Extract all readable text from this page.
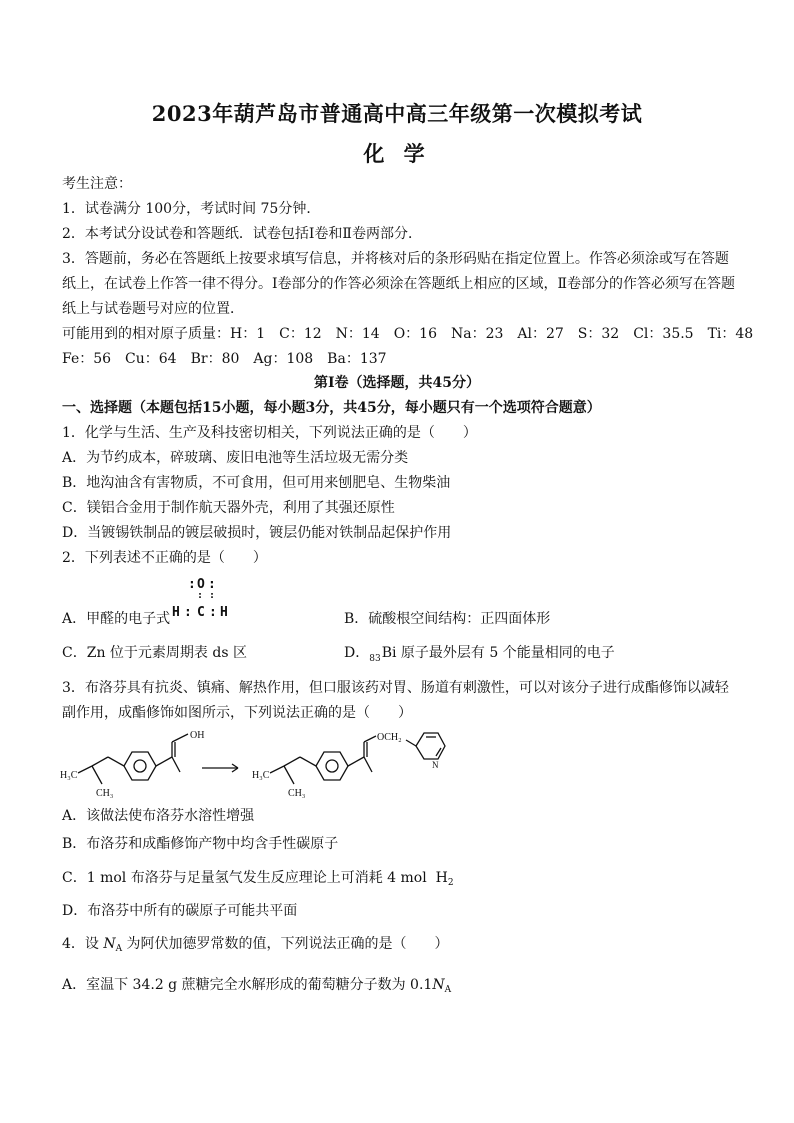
2023年葫芦岛市普通高中高三年级第一次模拟考试
化 学
考生注意：
1．试卷满分 100分，考试时间 75分钟．
2．本考试分设试卷和答题纸．试卷包括Ⅰ卷和Ⅱ卷两部分．
3．答题前，务必在答题纸上按要求填写信息，并将核对后的条形码贴在指定位置上。作答必须涂或写在答题
纸上，在试卷上作答一律不得分。Ⅰ卷部分的作答必须涂在答题纸上相应的区域，Ⅱ卷部分的作答必须写在答题
纸上与试卷题号对应的位置．
可能用到的相对原子质量：H：1　C：12　N：14　O：16　Na：23　Al：27　S：32　Cl：35.5　Ti：48
Fe：56　Cu：64　Br：80　Ag：108　Ba：137
第Ⅰ卷（选择题，共45分）
一、选择题（本题包括15小题，每小题3分，共45分，每小题只有一个选项符合题意）
1．化学与生活、生产及科技密切相关，下列说法正确的是（　　）
A．为节约成本，碎玻璃、废旧电池等生活垃圾无需分类
B．地沟油含有害物质，不可食用，但可用来刨肥皂、生物柴油
C．镁铝合金用于制作航天器外壳，利用了其强还原性
D．当镀锡铁制品的镀层破损时，镀层仍能对铁制品起保护作用
2．下列表述不正确的是（　　）
A．甲醛的电子式
: O :
: :
H : C : H	B．硫酸根空间结构：正四面体形
C．Zn 位于元素周期表 ds 区	D．$_{83}$Bi 原子最外层有 5 个能量相同的电子
3．布洛芬具有抗炎、镇痛、解热作用，但口服该药对胃、肠道有刺激性，可以对该分子进行成酯修饰以减轻
副作用，成酯修饰如图所示，下列说法正确的是（　　）
H₃C
CH₃
OH
H₃C
CH₃
OCH₂
N
A．该做法使布洛芬水溶性增强
B．布洛芬和成酯修饰产物中均含手性碳原子
C．1 mol 布洛芬与足量氢气发生反应理论上可消耗 4 mol $H_2$
D．布洛芬中所有的碳原子可能共平面
4．设 $N_A$ 为阿伏加德罗常数的值，下列说法正确的是（　　）
A．室温下 34.2 g 蔗糖完全水解形成的葡萄糖分子数为 $0.1N_A$
